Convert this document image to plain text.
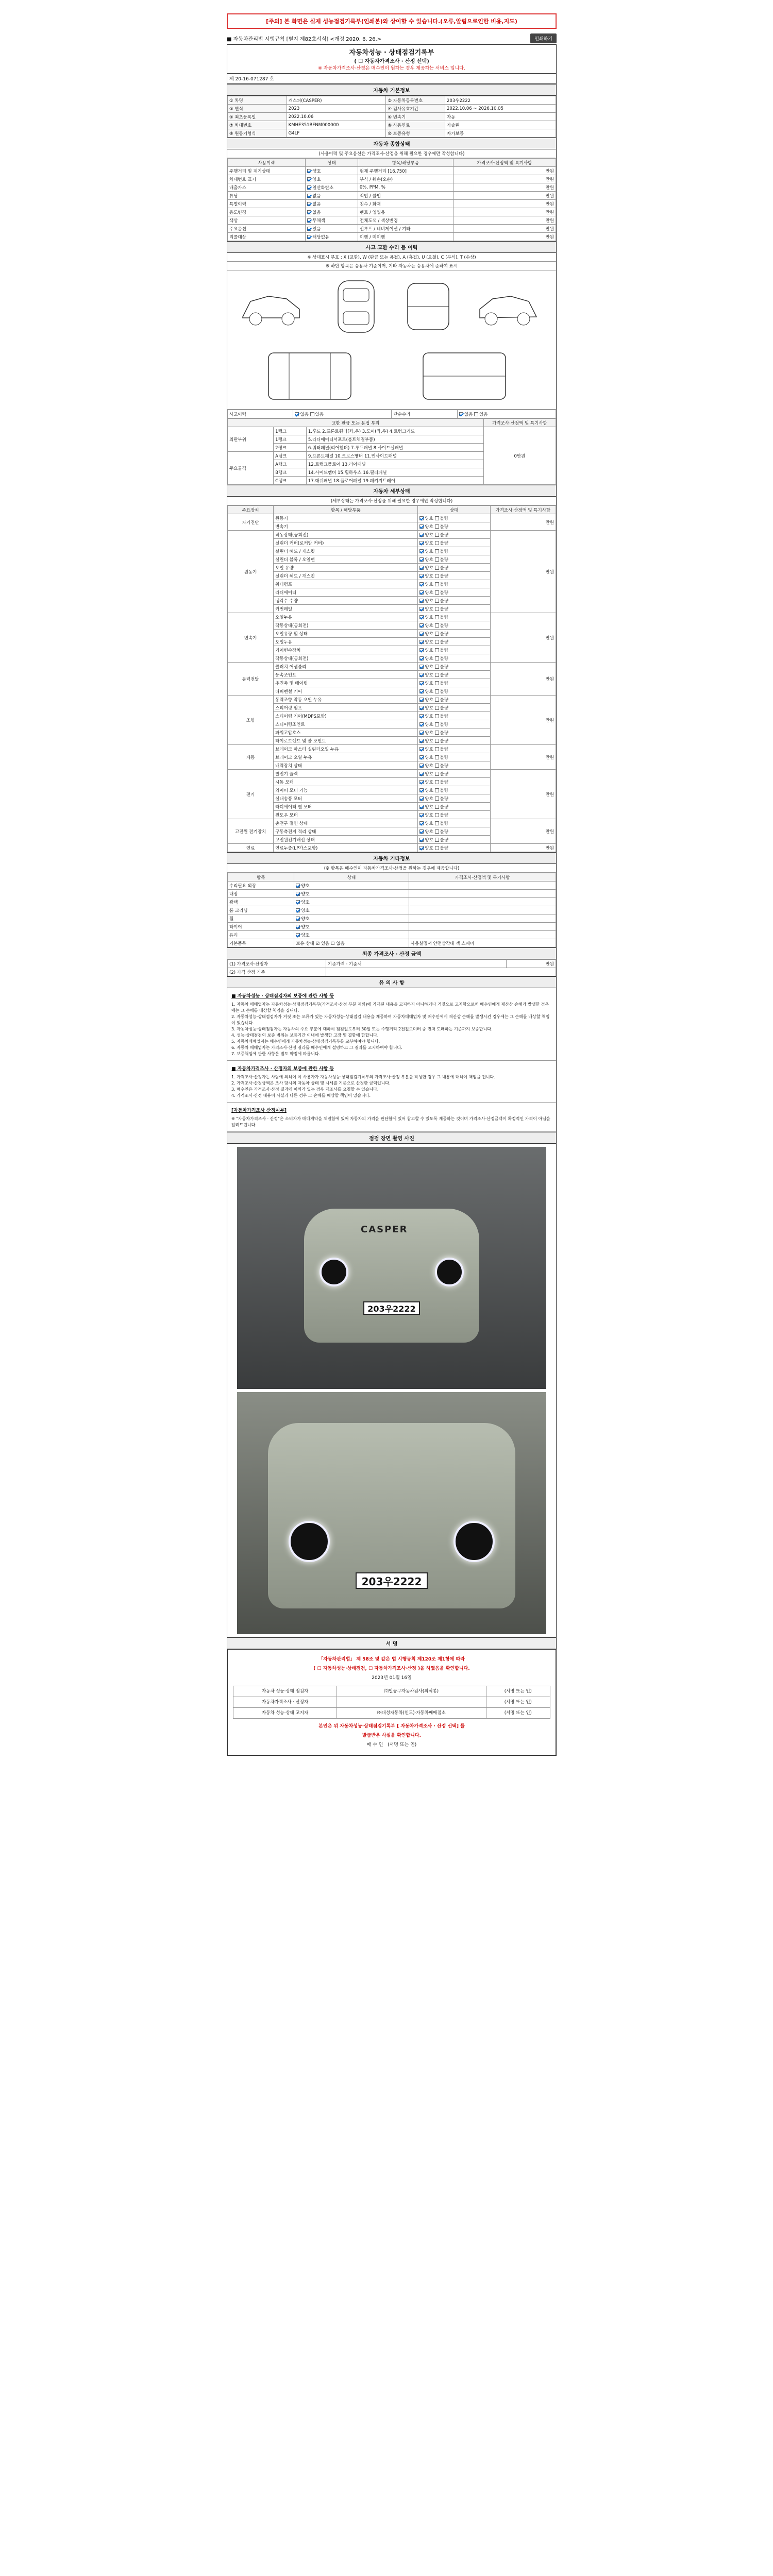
[주의] 본 화면은 실제 성능점검기록부(인쇄본)와 상이할 수 있습니다.(오류,알림으로인한 비용,지도)
■ 자동차관리법 시행규칙 [별지 제82호서식] <개정 2020. 6. 26.>	인쇄하기
자동차성능 · 상태점검기록부
( ☐ 자동차가격조사 · 산정 선택)
※ 자동차가격조사·산정은 매수인이 원하는 경우 제공하는 서비스 입니다.
제 20-16-071287 호
자동차 기본정보
① 차명	캐스퍼(CASPER)	② 자동차등록번호	203우2222
③ 연식	2023	④ 검사유효기간	2022.10.06 ~ 2026.10.05
⑤ 최초등록일	2022.10.06	⑥ 변속기	자동
⑦ 차대번호	KMHE351BFNM000000	⑧ 사용연료	가솔린
⑨ 원동기형식	G4LF	⑩ 보증유형	자가보증
자동차 종합상태
(사용이력 및 주요옵션은 가격조사·산정을 위해 필요한 경우에만 작성합니다)
사용이력	상태	항목/해당부품	가격조사·산정액 및 특기사항
주행거리 및 계기상태	양호	현재 주행거리 [16,750]	만원
차대번호 표기	양호	부식 / 훼손(오손)	만원
배출가스	일산화탄소	0%, PPM, %	만원
튜닝	없음	적법 / 불법	만원
특별이력	없음	침수 / 화재	만원
용도변경	없음	렌트 / 영업용	만원
색상	무채색	전체도색 / 색상변경	만원
주요옵션	있음	선루프 / 네비게이션 / 기타	만원
리콜대상	해당없음	이행 / 미이행	만원
사고 교환 수리 등 이력
※ 상태표시 부호 : X (교환), W (판금 또는 용접), A (흠집), U (요철), C (부식), T (손상)
※ 하단 항목은 승용차 기준이며, 기타 자동차는 승용차에 준하여 표시
사고이력	없음 있음	단순수리	없음 있음
교환 판금 또는 용접 부위			가격조사·산정액 및 특기사항
외판부위	1랭크	1.후드 2.프론트휀더(좌,우) 3.도어(좌,우) 4.트렁크리드	0만원
	1랭크	5.라디에이터서포트(볼트체결부품)	
	2랭크	6.쿼터패널(리어휀더) 7.루프패널 8.사이드실패널	
주요골격	A랭크	9.프론트패널 10.크로스멤버 11.인사이드패널	
	A랭크	12.트렁크플로어 13.리어패널	
	B랭크	14.사이드멤버 15.휠하우스 16.필러패널	
	C랭크	17.대쉬패널 18.플로어패널 19.패키지트레이	
자동차 세부상태
(세부상태는 가격조사·산정을 위해 필요한 경우에만 작성합니다)
주요장치	항목 / 해당부품	상태	가격조사·산정액 및 특기사항
자기진단	원동기	양호 불량	만원
	변속기	양호 불량	
원동기	작동상태(공회전)	양호 불량	만원
	실린더 커버(로커암 커버)	양호 불량	
	실린더 헤드 / 개스킷	양호 불량	
	실린더 블록 / 오일팬	양호 불량	
	오일 유량	양호 불량	
	실린더 헤드 / 개스킷	양호 불량	
	워터펌프	양호 불량	
	라디에이터	양호 불량	
	냉각수 수량	양호 불량	
	커먼레일	양호 불량	
변속기	오일누유	양호 불량	만원
	작동상태(공회전)	양호 불량	
	오일유량 및 상태	양호 불량	
	오일누유	양호 불량	
	기어변속장치	양호 불량	
	작동상태(공회전)	양호 불량	
동력전달	클러치 어셈블리	양호 불량	만원
	등속조인트	양호 불량	
	추진축 및 베어링	양호 불량	
	디퍼렌셜 기어	양호 불량	
조향	동력조향 작동 오일 누유	양호 불량	만원
	스티어링 펌프	양호 불량	
	스티어링 기어(MDPS포함)	양호 불량	
	스티어링조인트	양호 불량	
	파워고압호스	양호 불량	
	타이로드엔드 및 볼 조인트	양호 불량	
제동	브레이크 마스터 실린더오일 누유	양호 불량	만원
	브레이크 오일 누유	양호 불량	
	배력장치 상태	양호 불량	
전기	발전기 출력	양호 불량	만원
	시동 모터	양호 불량	
	와이퍼 모터 기능	양호 불량	
	실내송풍 모터	양호 불량	
	라디에이터 팬 모터	양호 불량	
	윈도우 모터	양호 불량	
고전원 전기장치	충전구 절연 상태	양호 불량	만원
	구동축전지 격리 상태	양호 불량	
	고전원전기배선 상태	양호 불량	
연료	연료누출(LP가스포함)	양호 불량	만원
자동차 기타정보
(※ 항목은 매수인이 자동차가격조사·산정을 원하는 경우에 제공합니다)
항목	상태	가격조사·산정액 및 특기사항
수리필요 외장	양호	
내장	양호	
광택	양호	
룸 크리닝	양호	
휠	양호	
타이어	양호	
유리	양호	
기본품목	보유 상태 ☑ 있음 ☐ 없음	사용설명서 안전삼각대 잭 스패너
최종 가격조사 · 산정 금액
(1) 가격조사·산정자	기준가격 · 기준서	만원
(2) 가격 산정 기준		
유 의 사 항
■ 자동차성능 · 상태점검자의 보증에 관한 사항 등

1. 자동차 매매업자는 자동차성능·상태점검기록부(가격조사·산정 부분 제외)에 기재된 내용을 고지하지 아니하거나 거짓으로 고지함으로써 매수인에게 재산상 손해가 발생한 경우에는 그 손해를 배상할 책임을 집니다.

2. 자동차성능·상태점검자가 거짓 또는 오류가 있는 자동차성능·상태점검 내용을 제공하여 자동차매매업자 및 매수인에게 재산상 손해를 발생시킨 경우에는 그 손해를 배상할 책임이 있습니다.

3. 자동차성능·상태점검자는 자동차의 주요 부분에 대하여 점검일로부터 30일 또는 주행거리 2천킬로미터 중 먼저 도래하는 기준까지 보증합니다.

4. 성능·상태점검의 보증 범위는 보증기간 이내에 발생한 고장 및 결함에 한합니다.

5. 자동차매매업자는 매수인에게 자동차성능·상태점검기록부를 교부하여야 합니다.

6. 자동차 매매업자는 가격조사·산정 결과를 매수인에게 설명하고 그 결과를 고지하여야 합니다.

7. 보증책임에 관한 사항은 별도 약정에 따릅니다.

■ 자동차가격조사 · 산정자의 보증에 관한 사항 등

1. 가격조사·산정자는 사람에 의하여 이 사용자가 자동차성능·상태점검기록부의 가격조사·산정 부분을 작성한 경우 그 내용에 대하여 책임을 집니다.

2. 가격조사·산정금액은 조사 당시의 자동차 상태 및 시세를 기준으로 산정한 금액입니다.

3. 매수인은 가격조사·산정 결과에 이의가 있는 경우 재조사를 요청할 수 있습니다.

4. 가격조사·산정 내용이 사실과 다른 경우 그 손해를 배상할 책임이 있습니다.

[자동차가격조사 산정여부]

※ "자동차가격조사 · 산정"은 소비자가 매매계약을 체결함에 있어 자동차의 가격을 판단함에 있어 참고할 수 있도록 제공하는 것이며 가격조사·산정금액이 확정적인 가격이 아님을 알려드립니다.

점검 장면 촬영 사진
CASPER
203우2222
203우2222
서 명
「자동차관리법」 제 58조 및 같은 법 시행규칙 제120조 제1항에 따라
( ☐ 자동차성능·상태점검, ☐ 자동차가격조사·산정 )을 하였음을 확인합니다.
2023년 01월 16일
자동차 성능·상태 점검자	㈜일공구자동차검사(최석봉)	(서명 또는 인)
자동차가격조사 · 산정자		(서명 또는 인)
자동차 성능·상태 고지자	㈜대성자동차(인도)·자동차매매점소	(서명 또는 인)
본인은 위 자동차성능·상태점검기록부 [ 자동차가격조사 · 산정 선택] 를
발급받은 사실을 확인합니다.
매 수 인 (서명 또는 인)
